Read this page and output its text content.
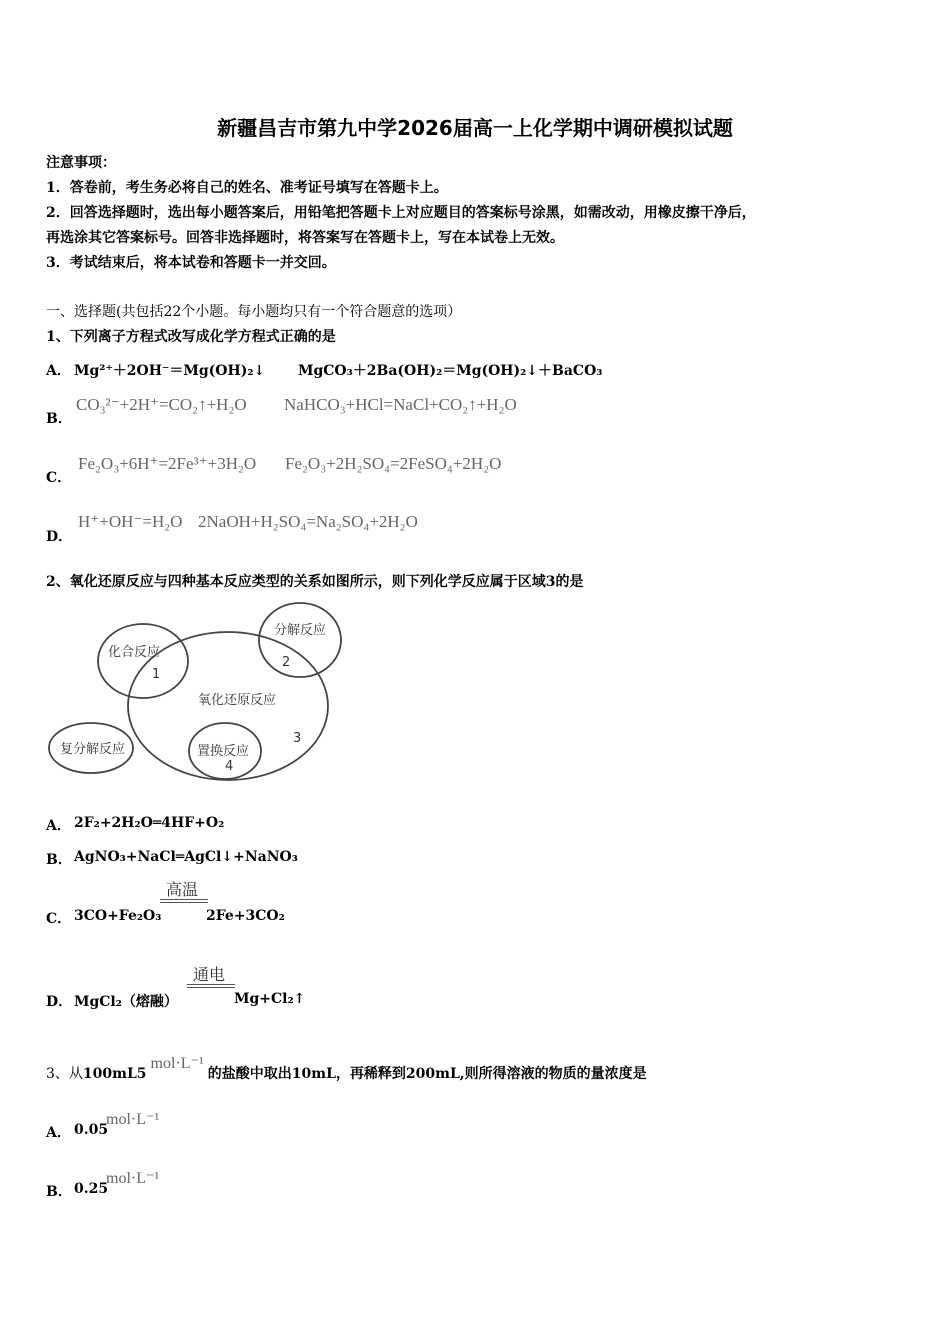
新疆昌吉市第九中学2026届高一上化学期中调研模拟试题
注意事项：
1．答卷前，考生务必将自己的姓名、准考证号填写在答题卡上。
2．回答选择题时，选出每小题答案后，用铅笔把答题卡上对应题目的答案标号涂黑，如需改动，用橡皮擦干净后，
再选涂其它答案标号。回答非选择题时，将答案写在答题卡上，写在本试卷上无效。
3．考试结束后，将本试卷和答题卡一并交回。
一、选择题(共包括22个小题。每小题均只有一个符合题意的选项）
1、下列离子方程式改写成化学方程式正确的是
A． Mg²⁺＋2OH⁻＝Mg(OH)₂↓ MgCO₃＋2Ba(OH)₂＝Mg(OH)₂↓＋BaCO₃
B．
CO₃²⁻+2H⁺=CO₂↑+H₂O NaHCO₃+HCl=NaCl+CO₂↑+H₂O
C．
Fe₂O₃+6H⁺=2Fe³⁺+3H₂O Fe₂O₃+2H₂SO₄=2FeSO₄+2H₂O
D．
H⁺+OH⁻=H₂O 2NaOH+H₂SO₄=Na₂SO₄+2H₂O
2、氧化还原反应与四种基本反应类型的关系如图所示，则下列化学反应属于区域3的是
化合反应
1
分解反应
2
氧化还原反应
3
复分解反应	置换反应
4
A． 2F₂+2H₂O═4HF+O₂
B． AgNO₃+NaCl═AgCl↓+NaNO₃
C． 3CO+Fe₂O₃
高温
2Fe+3CO₂
D． MgCl₂（熔融）
通电
Mg+Cl₂↑
3、从100mL5mol·L⁻¹的盐酸中取出10mL，再稀释到200mL,则所得溶液的物质的量浓度是
A． 0.05
mol·L⁻¹
B． 0.25
mol·L⁻¹
